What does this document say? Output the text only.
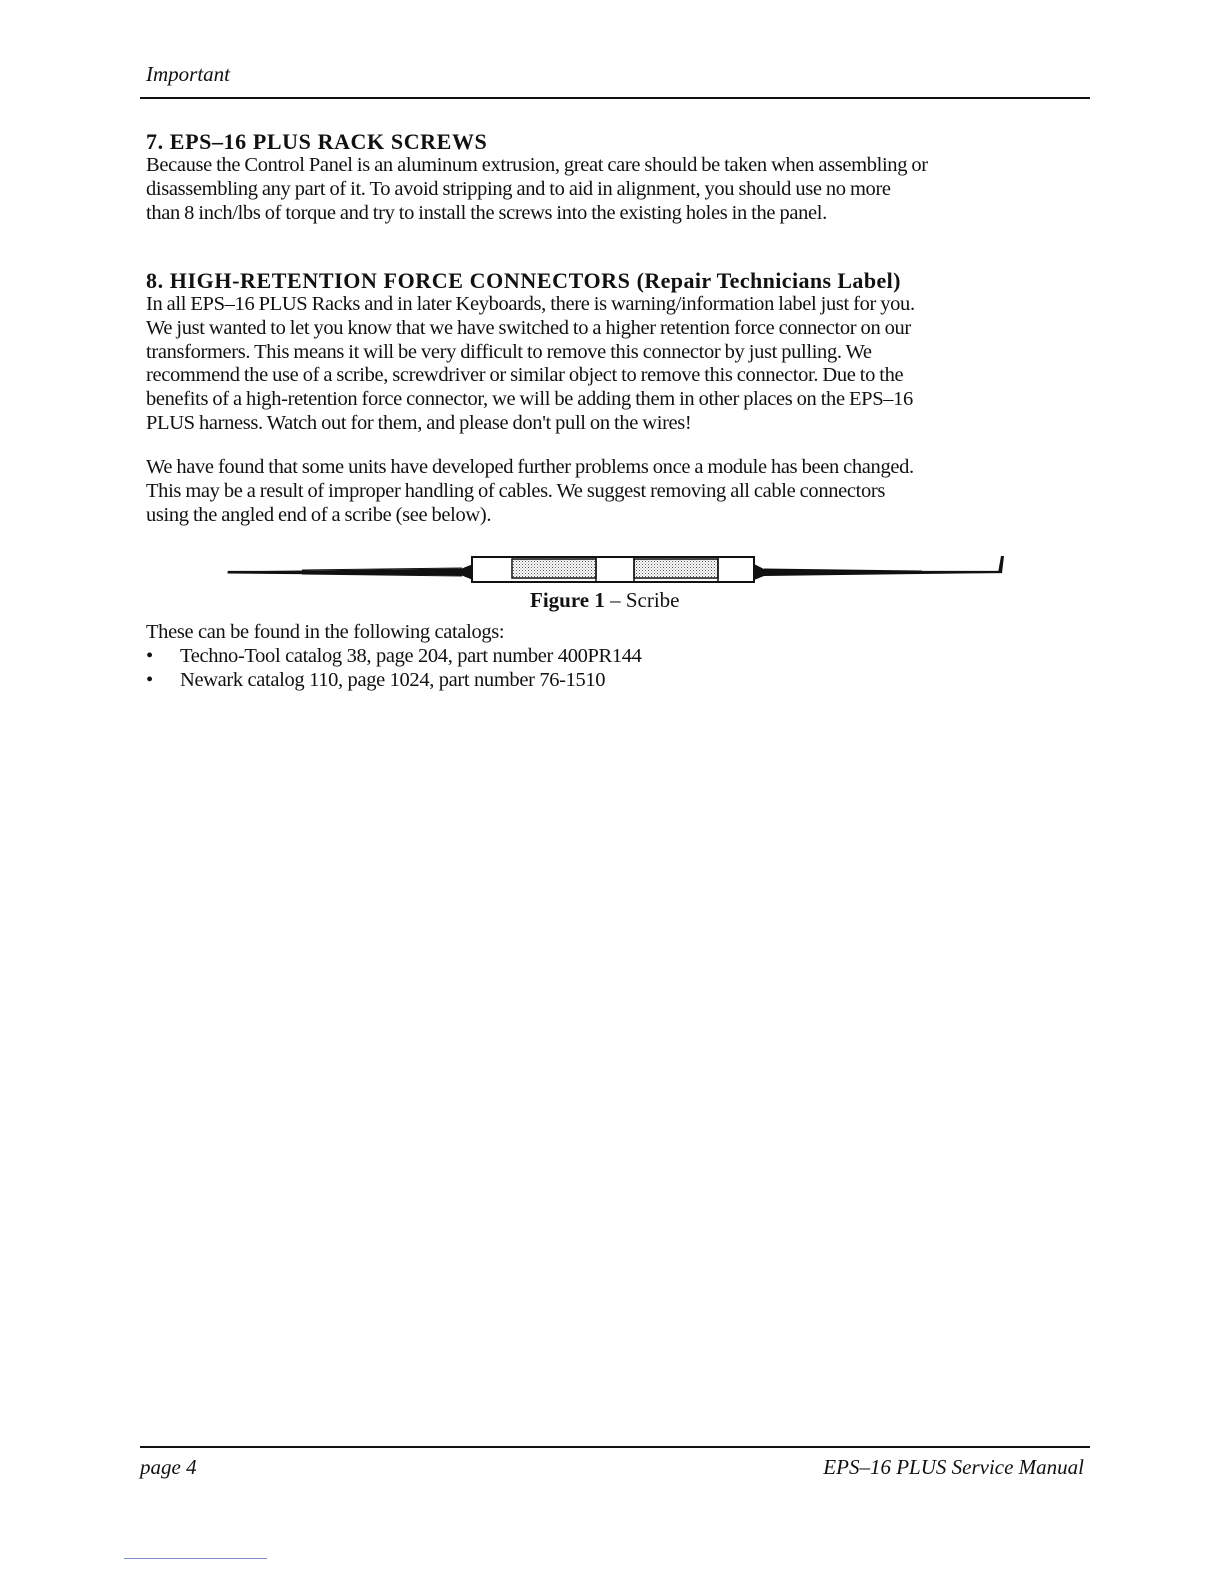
Important
7. EPS–16 PLUS RACK SCREWS

Because the Control Panel is an aluminum extrusion, great care should be taken when assembling or
disassembling any part of it. To avoid stripping and to aid in alignment, you should use no more
than 8 inch/lbs of torque and try to install the screws into the existing holes in the panel.

8. HIGH-RETENTION FORCE CONNECTORS (Repair Technicians Label)

In all EPS–16 PLUS Racks and in later Keyboards, there is warning/information label just for you.
We just wanted to let you know that we have switched to a higher retention force connector on our
transformers. This means it will be very difficult to remove this connector by just pulling. We
recommend the use of a scribe, screwdriver or similar object to remove this connector. Due to the
benefits of a high-retention force connector, we will be adding them in other places on the EPS–16
PLUS harness. Watch out for them, and please don't pull on the wires!

We have found that some units have developed further problems once a module has been changed.
This may be a result of improper handling of cables. We suggest removing all cable connectors
using the angled end of a scribe (see below).

Figure 1 – Scribe

These can be found in the following catalogs:

• Techno-Tool catalog 38, page 204, part number 400PR144
• Newark catalog 110, page 1024, part number 76-1510
page 4	EPS–16 PLUS Service Manual
